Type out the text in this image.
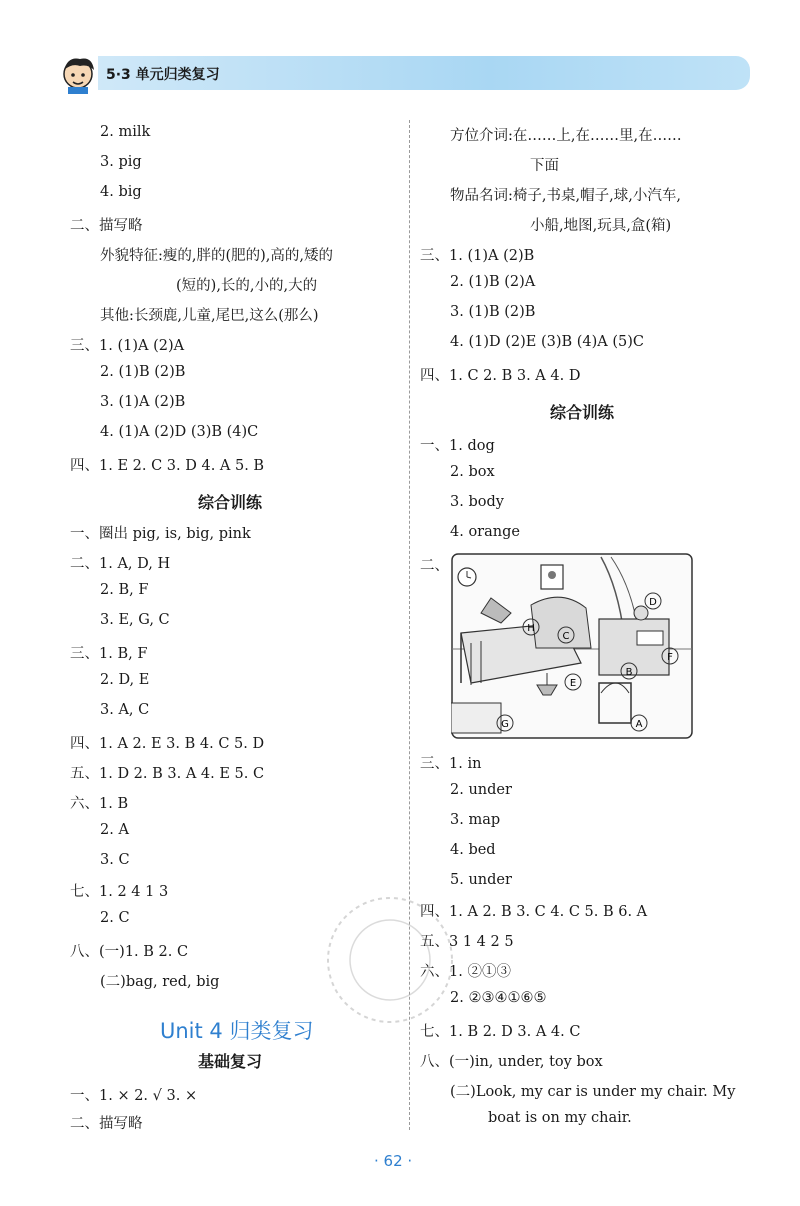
5·3 单元归类复习
2. milk
3. pig
4. big
二、描写略
外貌特征:瘦的,胖的(肥的),高的,矮的
(短的),长的,小的,大的
其他:长颈鹿,儿童,尾巴,这么(那么)
三、1. (1)A (2)A
2. (1)B (2)B
3. (1)A (2)B
4. (1)A (2)D (3)B (4)C
四、1. E 2. C 3. D 4. A 5. B
一、圈出 pig, is, big, pink
二、1. A, D, H
2. B, F
3. E, G, C
三、1. B, F
2. D, E
3. A, C
四、1. A 2. E 3. B 4. C 5. D
五、1. D 2. B 3. A 4. E 5. C
六、1. B
2. A
3. C
七、1. 2 4 1 3
2. C
八、(一)1. B 2. C
(二)bag, red, big
一、1. × 2. √ 3. ×
二、描写略
综合训练
Unit 4 归类复习
基础复习
方位介词:在……上,在……里,在……
下面
物品名词:椅子,书桌,帽子,球,小汽车,
小船,地图,玩具,盒(箱)
三、1. (1)A (2)B
2. (1)B (2)A
3. (1)B (2)B
4. (1)D (2)E (3)B (4)A (5)C
四、1. C 2. B 3. A 4. D
一、1. dog
2. box
3. body
4. orange
二、
三、1. in
2. under
3. map
4. bed
5. under
四、1. A 2. B 3. C 4. C 5. B 6. A
五、3 1 4 2 5
六、1. ②①③
2. ②③④①⑥⑤
七、1. B 2. D 3. A 4. C
八、(一)in, under, toy box
(二)Look, my car is under my chair. My
boat is on my chair.
综合训练
D
H
C
F
B
E
G	A
· 62 ·
